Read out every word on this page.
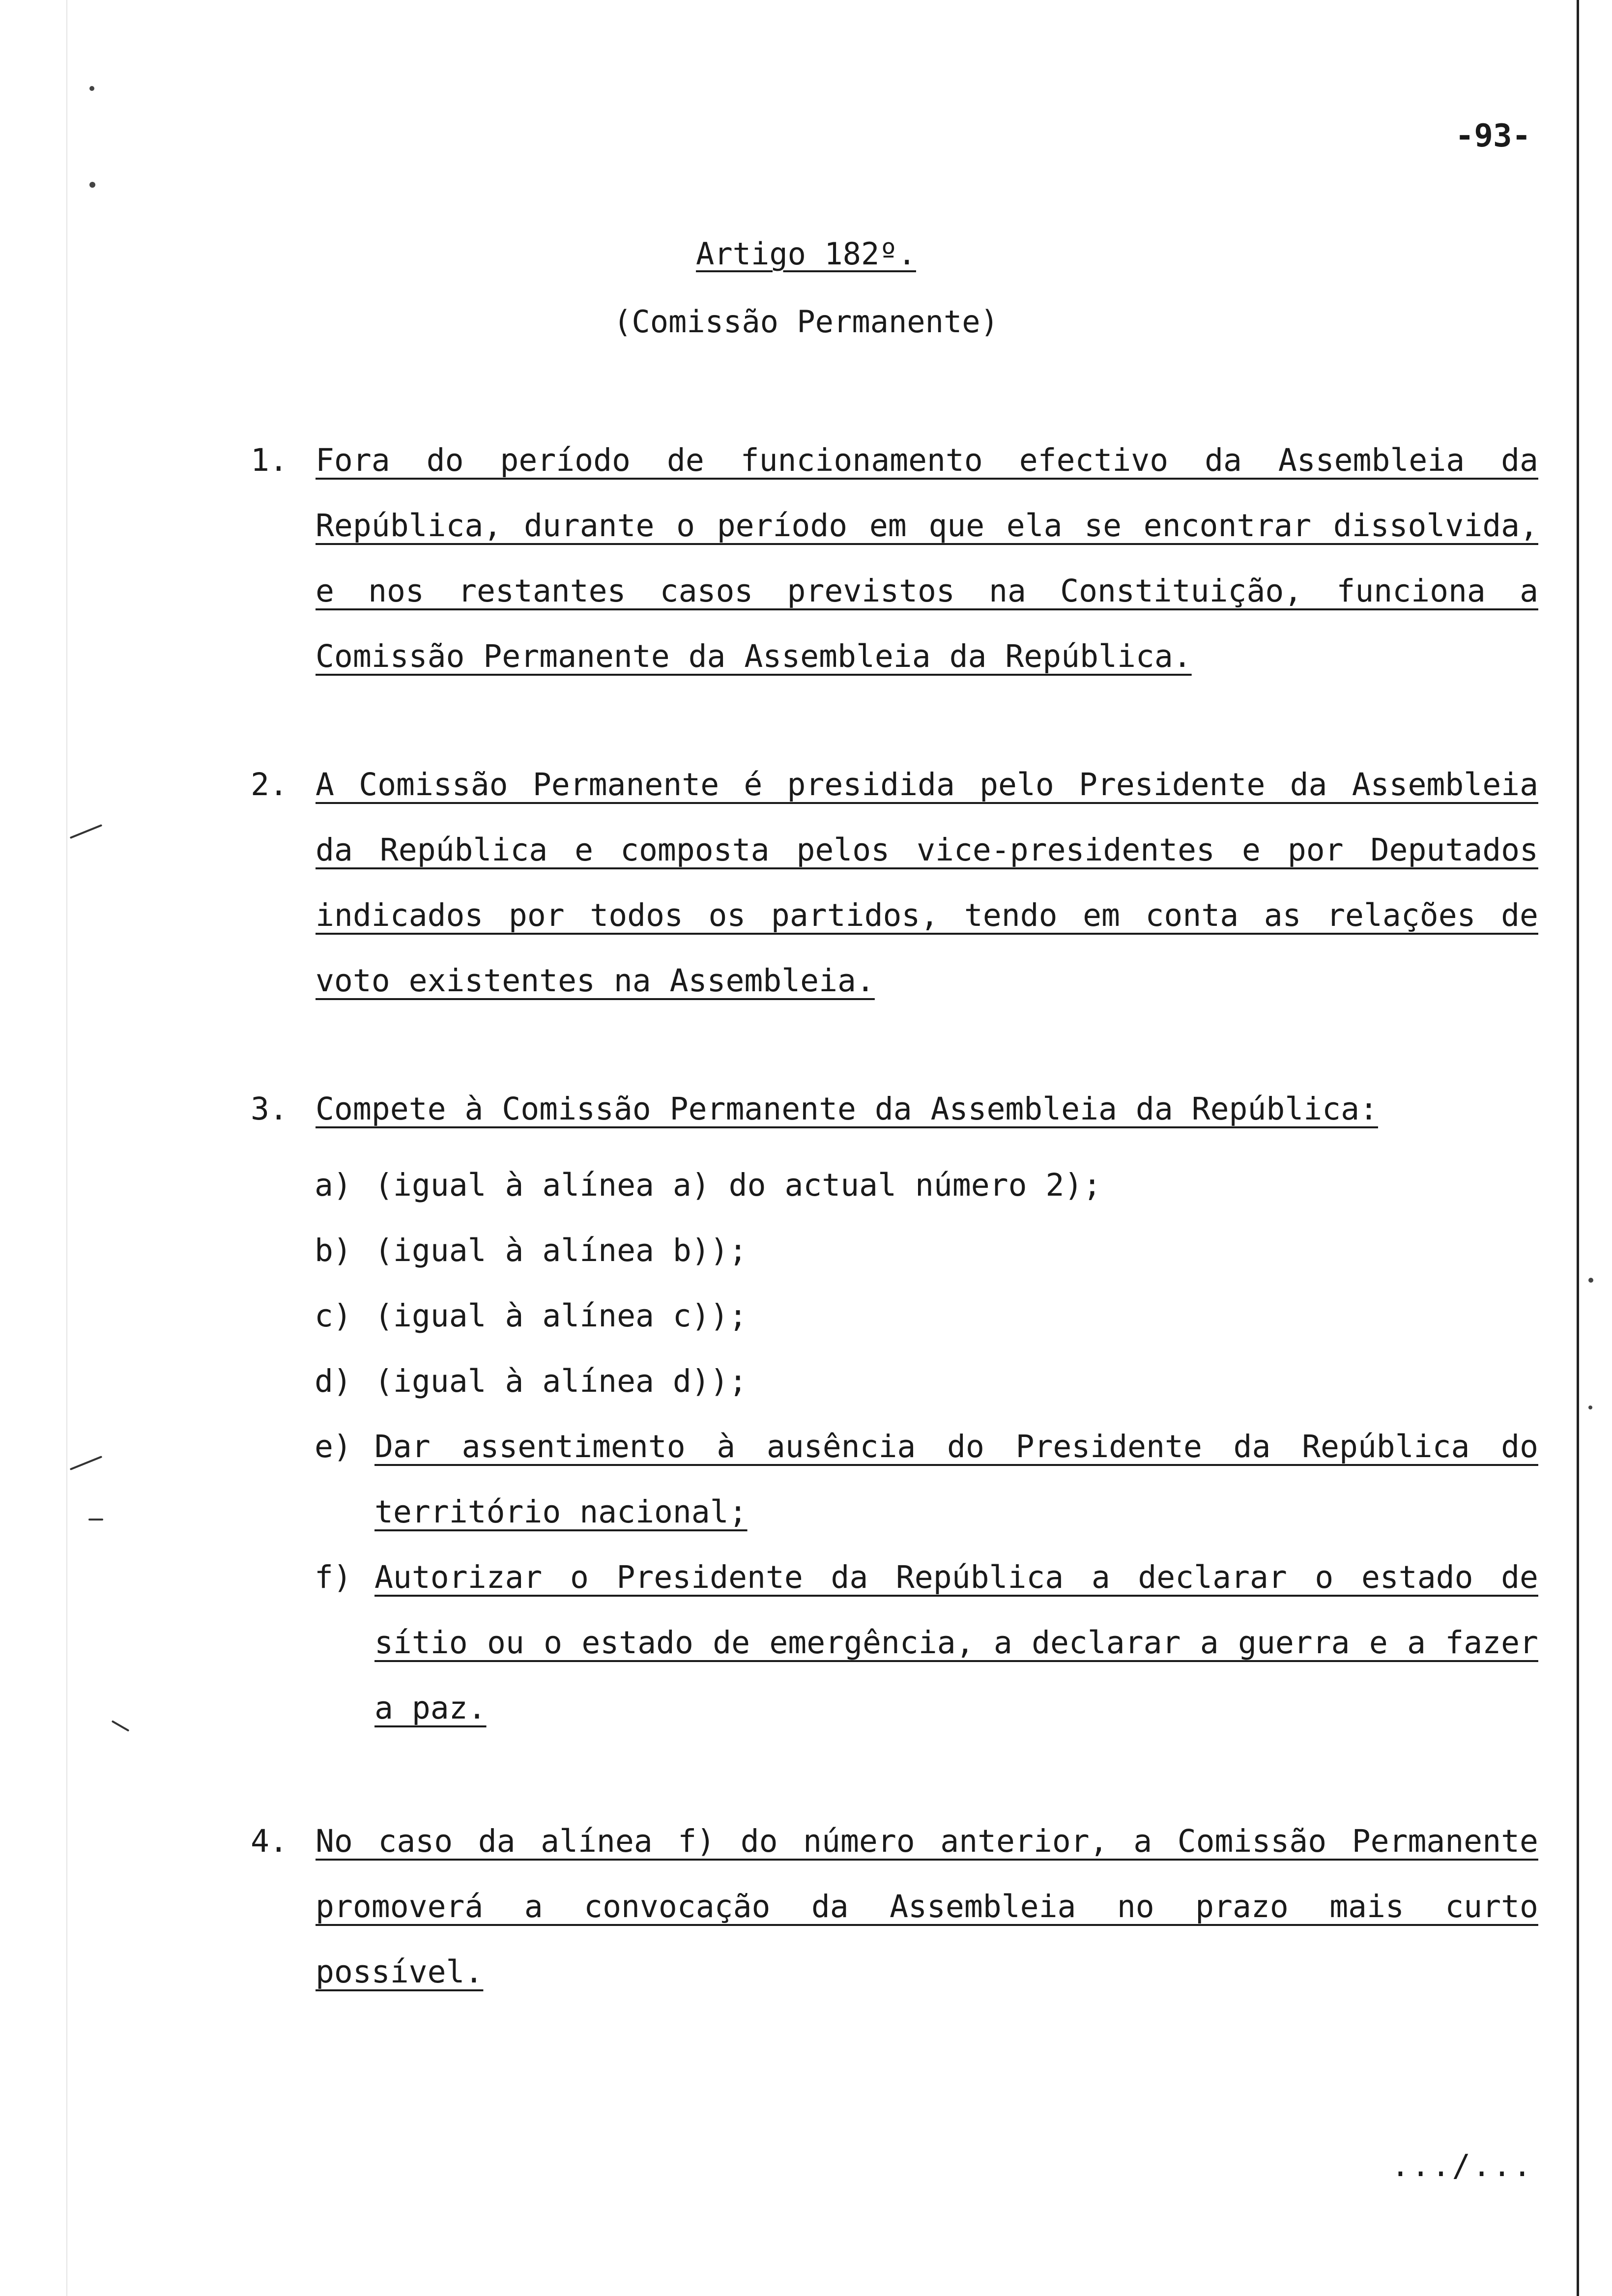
-93-
Artigo 182º.
(Comissão Permanente)
1. Fora do período de funcionamento efectivo da Assembleia da República, durante o período em que ela se encontrar dissolvida, e nos restantes casos previstos na Constituição, funciona a Comissão Permanente da Assembleia da República.
2. A Comissão Permanente é presidida pelo Presidente da Assembleia da República e composta pelos vice-presidentes e por Deputados indicados por todos os partidos, tendo em conta as relações de voto existentes na Assembleia.
3. Compete à Comissão Permanente da Assembleia da República:
a) (igual à alínea a) do actual número 2);
b) (igual à alínea b));
c) (igual à alínea c));
d) (igual à alínea d));
e) Dar assentimento à ausência do Presidente da República do território nacional;
f) Autorizar o Presidente da República a declarar o estado de sítio ou o estado de emergência, a declarar a guerra e a fazer a paz.
4. No caso da alínea f) do número anterior, a Comissão Permanente promoverá a convocação da Assembleia no prazo mais curto possível.
.../...
